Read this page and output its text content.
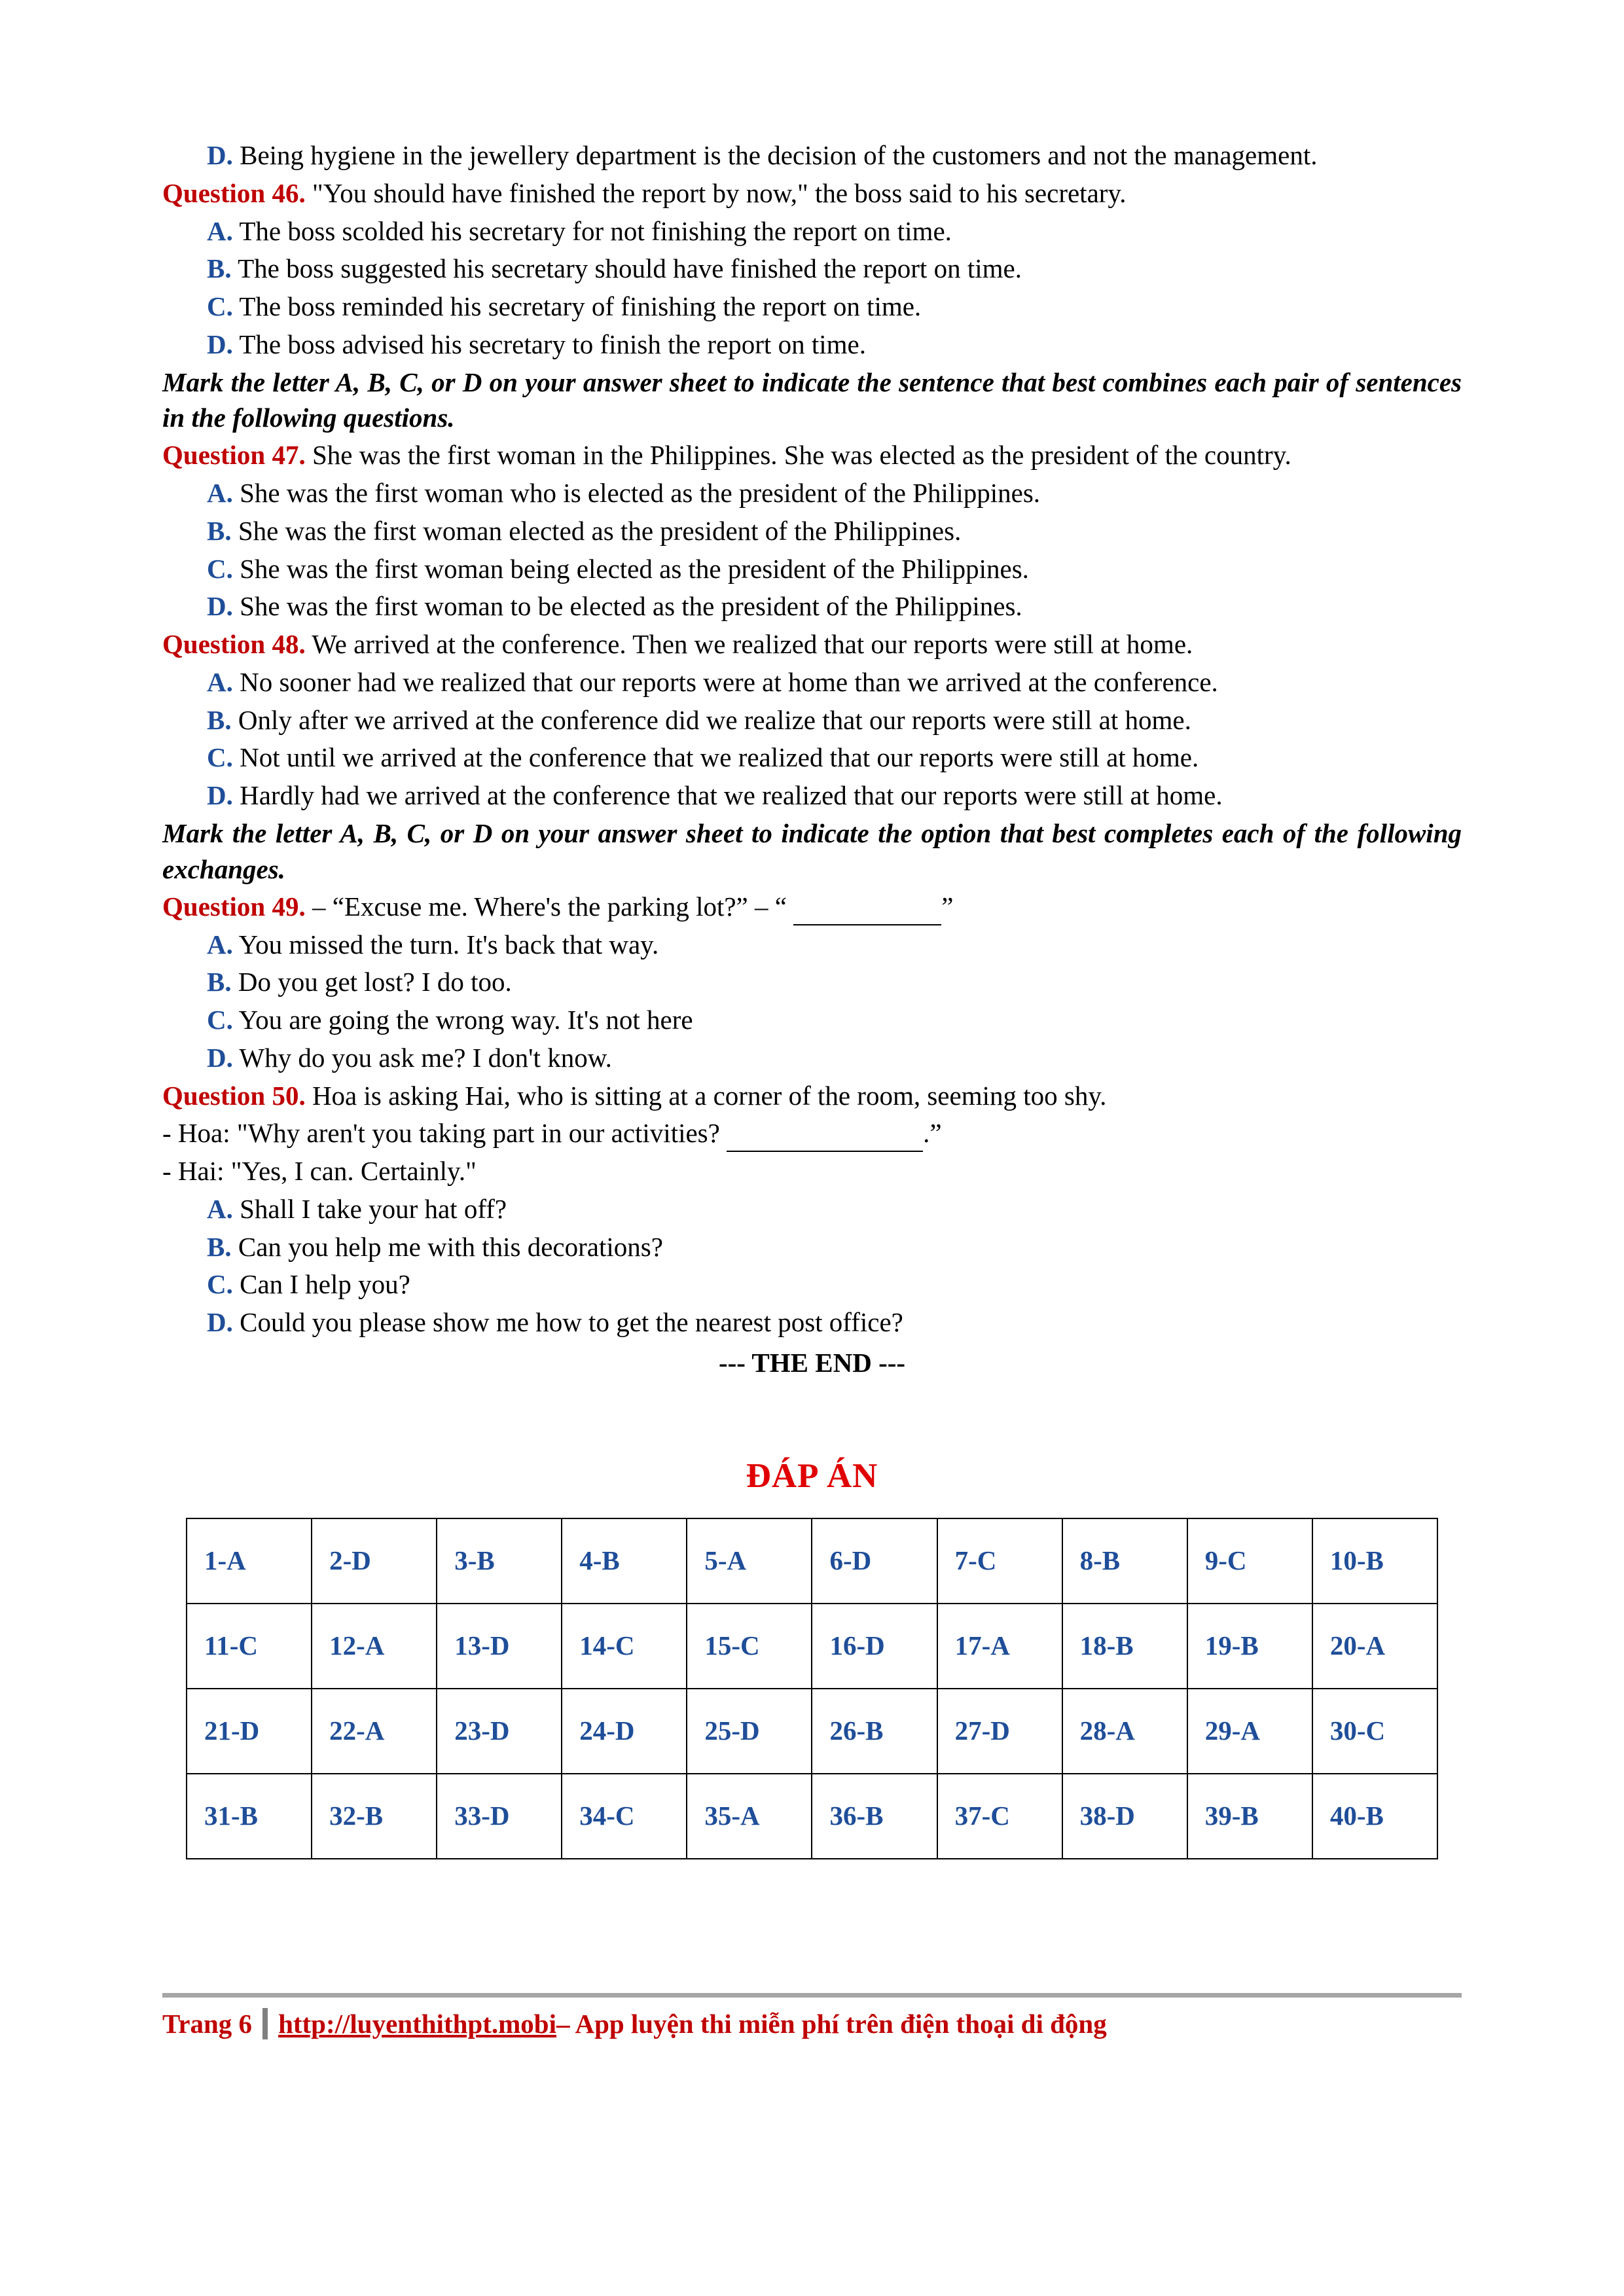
D. Being hygiene in the jewellery department is the decision of the customers and not the management.
Question 46. "You should have finished the report by now," the boss said to his secretary.
A. The boss scolded his secretary for not finishing the report on time.
B. The boss suggested his secretary should have finished the report on time.
C. The boss reminded his secretary of finishing the report on time.
D. The boss advised his secretary to finish the report on time.
Mark the letter A, B, C, or D on your answer sheet to indicate the sentence that best combines each pair of sentences in the following questions.
Question 47. She was the first woman in the Philippines. She was elected as the president of the country.
A. She was the first woman who is elected as the president of the Philippines.
B. She was the first woman elected as the president of the Philippines.
C. She was the first woman being elected as the president of the Philippines.
D. She was the first woman to be elected as the president of the Philippines.
Question 48. We arrived at the conference. Then we realized that our reports were still at home.
A. No sooner had we realized that our reports were at home than we arrived at the conference.
B. Only after we arrived at the conference did we realize that our reports were still at home.
C. Not until we arrived at the conference that we realized that our reports were still at home.
D. Hardly had we arrived at the conference that we realized that our reports were still at home.
Mark the letter A, B, C, or D on your answer sheet to indicate the option that best completes each of the following exchanges.
Question 49. – “Excuse me. Where's the parking lot?” – “	”
A. You missed the turn. It's back that way.
B. Do you get lost? I do too.
C. You are going the wrong way. It's not here
D. Why do you ask me? I don't know.
Question 50. Hoa is asking Hai, who is sitting at a corner of the room, seeming too shy.
- Hoa: "Why aren't you taking part in our activities?	.”
- Hai: "Yes, I can. Certainly."
A. Shall I take your hat off?
B. Can you help me with this decorations?
C. Can I help you?
D. Could you please show me how to get the nearest post office?
--- THE END ---
ĐÁP ÁN
1-A	2-D	3-B	4-B	5-A	6-D	7-C	8-B	9-C	10-B
11-C	12-A	13-D	14-C	15-C	16-D	17-A	18-B	19-B	20-A
21-D	22-A	23-D	24-D	25-D	26-B	27-D	28-A	29-A	30-C
31-B	32-B	33-D	34-C	35-A	36-B	37-C	38-D	39-B	40-B
Trang 6 http://luyenthithpt.mobi – App luyện thi miễn phí trên điện thoại di động
